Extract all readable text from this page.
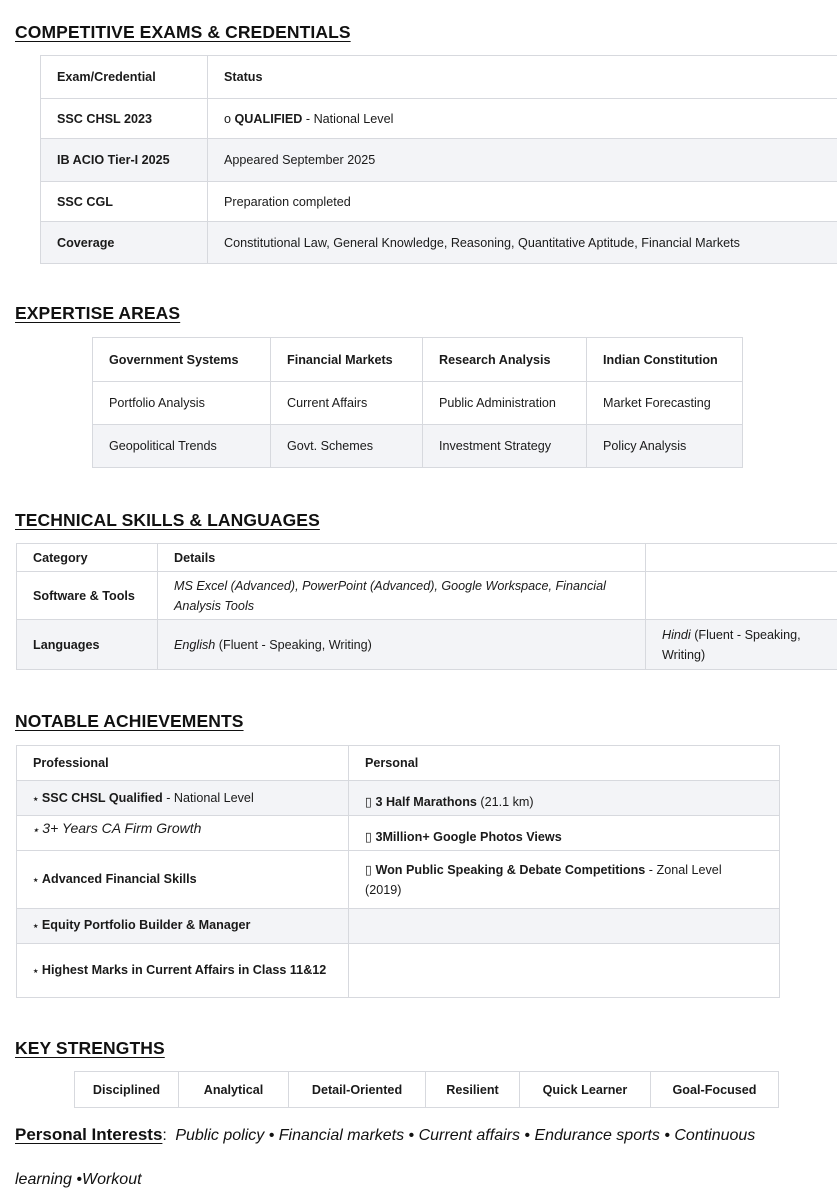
COMPETITIVE EXAMS & CREDENTIALS
Exam/Credential	Status
SSC CHSL 2023	o QUALIFIED - National Level
IB ACIO Tier-I 2025	Appeared September 2025
SSC CGL	Preparation completed
Coverage	Constitutional Law, General Knowledge, Reasoning, Quantitative Aptitude, Financial Markets
EXPERTISE AREAS
Government Systems	Financial Markets	Research Analysis	Indian Constitution
Portfolio Analysis	Current Affairs	Public Administration	Market Forecasting
Geopolitical Trends	Govt. Schemes	Investment Strategy	Policy Analysis
TECHNICAL SKILLS & LANGUAGES
Category	Details	
Software & Tools	MS Excel (Advanced), PowerPoint (Advanced), Google Workspace, Financial Analysis Tools	
Languages	English (Fluent - Speaking, Writing)	Hindi (Fluent - Speaking, Writing)
NOTABLE ACHIEVEMENTS
Professional	Personal
⭑ SSC CHSL Qualified - National Level	▯ 3 Half Marathons (21.1 km)
⭑ 3+ Years CA Firm Growth	▯ 3Million+ Google Photos Views
⭑ Advanced Financial Skills	▯ Won Public Speaking & Debate Competitions - Zonal Level (2019)
⭑ Equity Portfolio Builder & Manager	
⭑ Highest Marks in Current Affairs in Class 11&12	
KEY STRENGTHS
Disciplined	Analytical	Detail-Oriented	Resilient	Quick Learner	Goal-Focused
Personal Interests: Public policy • Financial markets • Current affairs • Endurance sports • Continuous
learning •Workout
